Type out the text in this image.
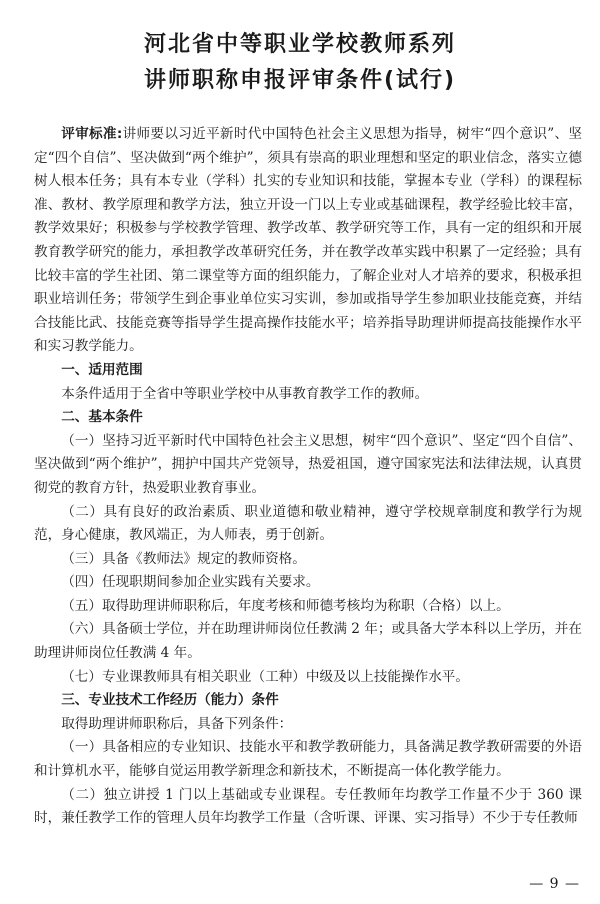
河北省中等职业学校教师系列
讲师职称申报评审条件(试行)

评审标准:讲师要以习近平新时代中国特色社会主义思想为指导，树牢“四个意识”、坚定“四个自信”、坚决做到“两个维护”，须具有崇高的职业理想和坚定的职业信念，落实立德树人根本任务；具有本专业（学科）扎实的专业知识和技能，掌握本专业（学科）的课程标准、教材、教学原理和教学方法，独立开设一门以上专业或基础课程，教学经验比较丰富，教学效果好；积极参与学校教学管理、教学改革、教学研究等工作，具有一定的组织和开展教育教学研究的能力，承担教学改革研究任务，并在教学改革实践中积累了一定经验；具有比较丰富的学生社团、第二课堂等方面的组织能力，了解企业对人才培养的要求，积极承担职业培训任务；带领学生到企事业单位实习实训，参加或指导学生参加职业技能竞赛，并结合技能比武、技能竞赛等指导学生提高操作技能水平；培养指导助理讲师提高技能操作水平和实习教学能力。

一、适用范围

本条件适用于全省中等职业学校中从事教育教学工作的教师。

二、基本条件

（一）坚持习近平新时代中国特色社会主义思想，树牢“四个意识”、坚定“四个自信”、坚决做到“两个维护”，拥护中国共产党领导，热爱祖国，遵守国家宪法和法律法规，认真贯彻党的教育方针，热爱职业教育事业。

（二）具有良好的政治素质、职业道德和敬业精神，遵守学校规章制度和教学行为规范，身心健康，教风端正，为人师表，勇于创新。

（三）具备《教师法》规定的教师资格。

（四）任现职期间参加企业实践有关要求。

（五）取得助理讲师职称后，年度考核和师德考核均为称职（合格）以上。

（六）具备硕士学位，并在助理讲师岗位任教满 2 年；或具备大学本科以上学历，并在助理讲师岗位任教满 4 年。

（七）专业课教师具有相关职业（工种）中级及以上技能操作水平。

三、专业技术工作经历（能力）条件

取得助理讲师职称后，具备下列条件：

（一）具备相应的专业知识、技能水平和教学教研能力，具备满足教学教研需要的外语和计算机水平，能够自觉运用教学新理念和新技术，不断提高一体化教学能力。

（二）独立讲授 1 门以上基础或专业课程。专任教师年均教学工作量不少于 360 课时，兼任教学工作的管理人员年均教学工作量（含听课、评课、实习指导）不少于专任教师

— 9 —
